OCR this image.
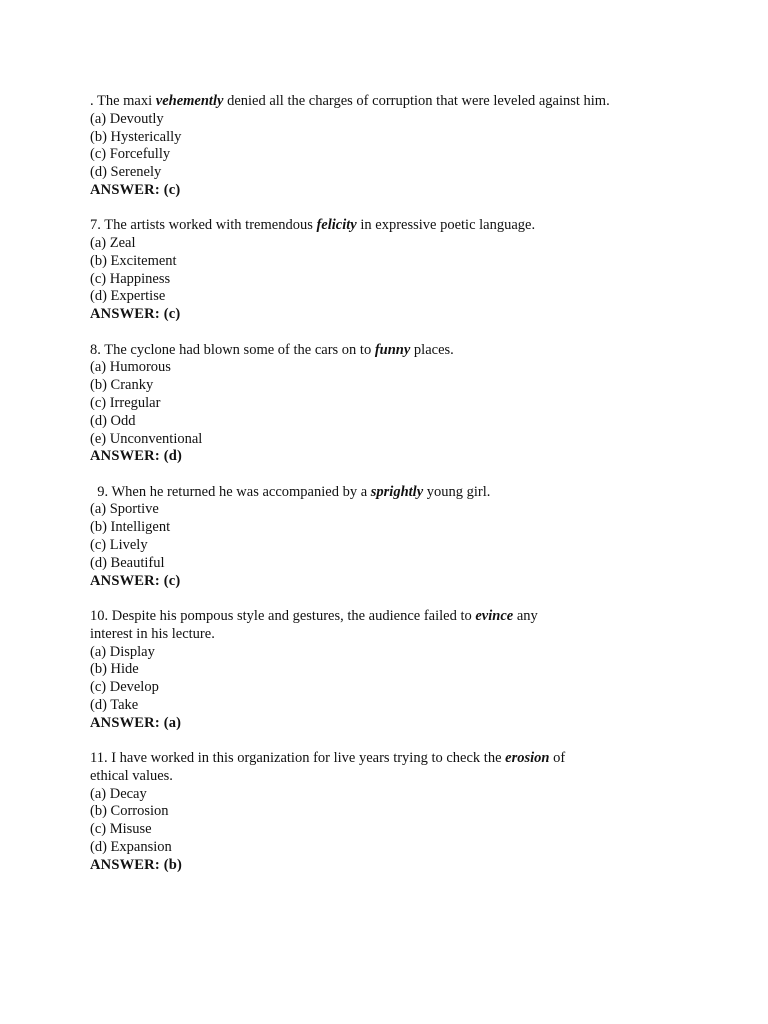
. The maxi vehemently denied all the charges of corruption that were leveled against him.
(a) Devoutly
(b) Hysterically
(c) Forcefully
(d) Serenely
ANSWER: (c)
7. The artists worked with tremendous felicity in expressive poetic language.
(a) Zeal
(b) Excitement
(c) Happiness
(d) Expertise
ANSWER: (c)
8. The cyclone had blown some of the cars on to funny places.
(a) Humorous
(b) Cranky
(c) Irregular
(d) Odd
(e) Unconventional
ANSWER: (d)
9. When he returned he was accompanied by a sprightly young girl.
(a) Sportive
(b) Intelligent
(c) Lively
(d) Beautiful
ANSWER: (c)
10. Despite his pompous style and gestures, the audience failed to evince any
interest in his lecture.
(a) Display
(b) Hide
(c) Develop
(d) Take
ANSWER: (a)
11. I have worked in this organization for live years trying to check the erosion of
ethical values.
(a) Decay
(b) Corrosion
(c) Misuse
(d) Expansion
ANSWER: (b)
